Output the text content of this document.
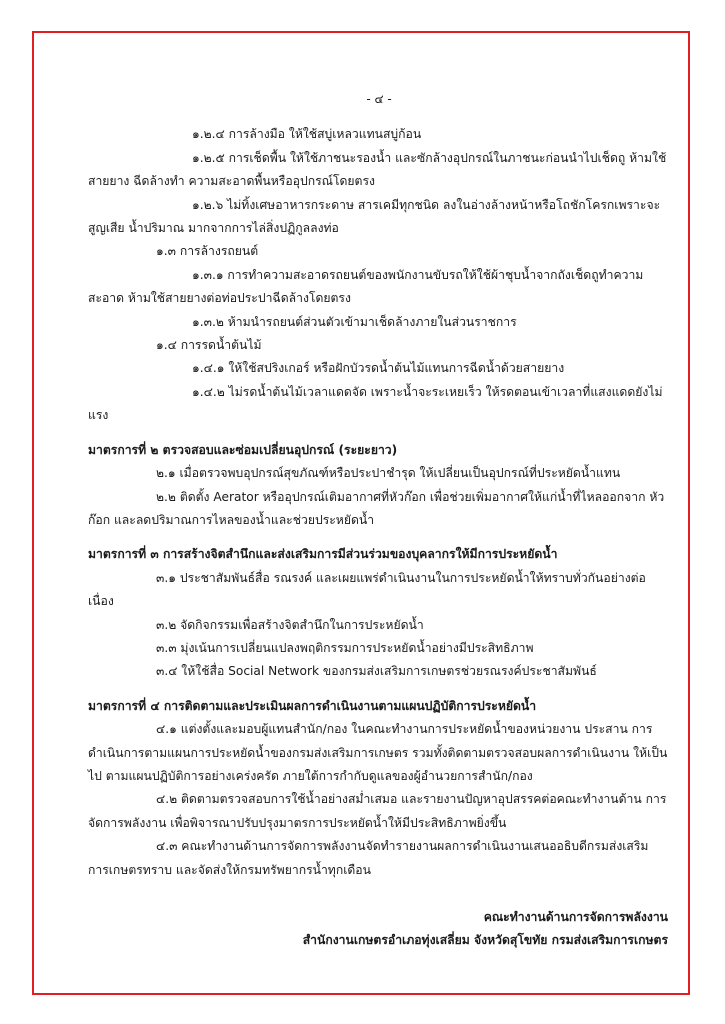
- ๔ -

๑.๒.๔ การล้างมือ ให้ใช้สบู่เหลวแทนสบู่ก้อน

๑.๒.๕ การเช็ดพื้น ให้ใช้ภาชนะรองน้ำ และซักล้างอุปกรณ์ในภาชนะก่อนนำไปเช็ดถู ห้ามใช้สายยาง ฉีดล้างทำ ความสะอาดพื้นหรืออุปกรณ์โดยตรง

๑.๒.๖ ไม่ทิ้งเศษอาหารกระดาษ สารเคมีทุกชนิด ลงในอ่างล้างหน้าหรือโถชักโครกเพราะจะสูญเสีย น้ำปริมาณ มากจากการไล่สิ่งปฏิกูลลงท่อ

๑.๓ การล้างรถยนต์

๑.๓.๑ การทำความสะอาดรถยนต์ของพนักงานขับรถให้ใช้ผ้าชุบน้ำจากถังเช็ดถูทำความสะอาด ห้ามใช้สายยางต่อท่อประปาฉีดล้างโดยตรง

๑.๓.๒ ห้ามนำรถยนต์ส่วนตัวเข้ามาเช็ดล้างภายในส่วนราชการ

๑.๔ การรดน้ำต้นไม้

๑.๔.๑ ให้ใช้สปริงเกอร์ หรือฝักบัวรดน้ำต้นไม้แทนการฉีดน้ำด้วยสายยาง

๑.๔.๒ ไม่รดน้ำต้นไม้เวลาแดดจัด เพราะน้ำจะระเหยเร็ว ให้รดตอนเข้าเวลาที่แสงแดดยังไม่แรง

มาตรการที่ ๒ ตรวจสอบและซ่อมเปลี่ยนอุปกรณ์ (ระยะยาว)

๒.๑ เมื่อตรวจพบอุปกรณ์สุขภัณฑ์หรือประปาชำรุด ให้เปลี่ยนเป็นอุปกรณ์ที่ประหยัดน้ำแทน

๒.๒ ติดตั้ง Aerator หรืออุปกรณ์เติมอากาศที่หัวก๊อก เพื่อช่วยเพิ่มอากาศให้แก่น้ำที่ไหลออกจาก หัวก๊อก และลดปริมาณการไหลของน้ำและช่วยประหยัดน้ำ

มาตรการที่ ๓ การสร้างจิตสำนึกและส่งเสริมการมีส่วนร่วมของบุคลากรให้มีการประหยัดน้ำ

๓.๑ ประชาสัมพันธ์สื่อ รณรงค์ และเผยแพร่ดำเนินงานในการประหยัดน้ำให้ทราบทั่วกันอย่างต่อเนื่อง

๓.๒ จัดกิจกรรมเพื่อสร้างจิตสำนึกในการประหยัดน้ำ

๓.๓ มุ่งเน้นการเปลี่ยนแปลงพฤติกรรมการประหยัดน้ำอย่างมีประสิทธิภาพ

๓.๔ ให้ใช้สื่อ Social Network ของกรมส่งเสริมการเกษตรช่วยรณรงค์ประชาสัมพันธ์

มาตรการที่ ๔ การติดตามและประเมินผลการดำเนินงานตามแผนปฏิบัติการประหยัดน้ำ

๔.๑ แต่งตั้งและมอบผู้แทนสำนัก/กอง ในคณะทำงานการประหยัดน้ำของหน่วยงาน ประสาน การดำเนินการตามแผนการประหยัดน้ำของกรมส่งเสริมการเกษตร รวมทั้งติดตามตรวจสอบผลการดำเนินงาน ให้เป็นไป ตามแผนปฏิบัติการอย่างเคร่งครัด ภายใต้การกำกับดูแลของผู้อำนวยการสำนัก/กอง

๔.๒ ติดตามตรวจสอบการใช้น้ำอย่างสม่ำเสมอ และรายงานปัญหาอุปสรรคต่อคณะทำงานด้าน การจัดการพลังงาน เพื่อพิจารณาปรับปรุงมาตรการประหยัดน้ำให้มีประสิทธิภาพยิ่งขึ้น

๔.๓ คณะทำงานด้านการจัดการพลังงานจัดทำรายงานผลการดำเนินงานเสนออธิบดีกรมส่งเสริม การเกษตรทราบ และจัดส่งให้กรมทรัพยากรน้ำทุกเดือน

คณะทำงานด้านการจัดการพลังงาน
สำนักงานเกษตรอำเภอทุ่งเสลี่ยม จังหวัดสุโขทัย กรมส่งเสริมการเกษตร
